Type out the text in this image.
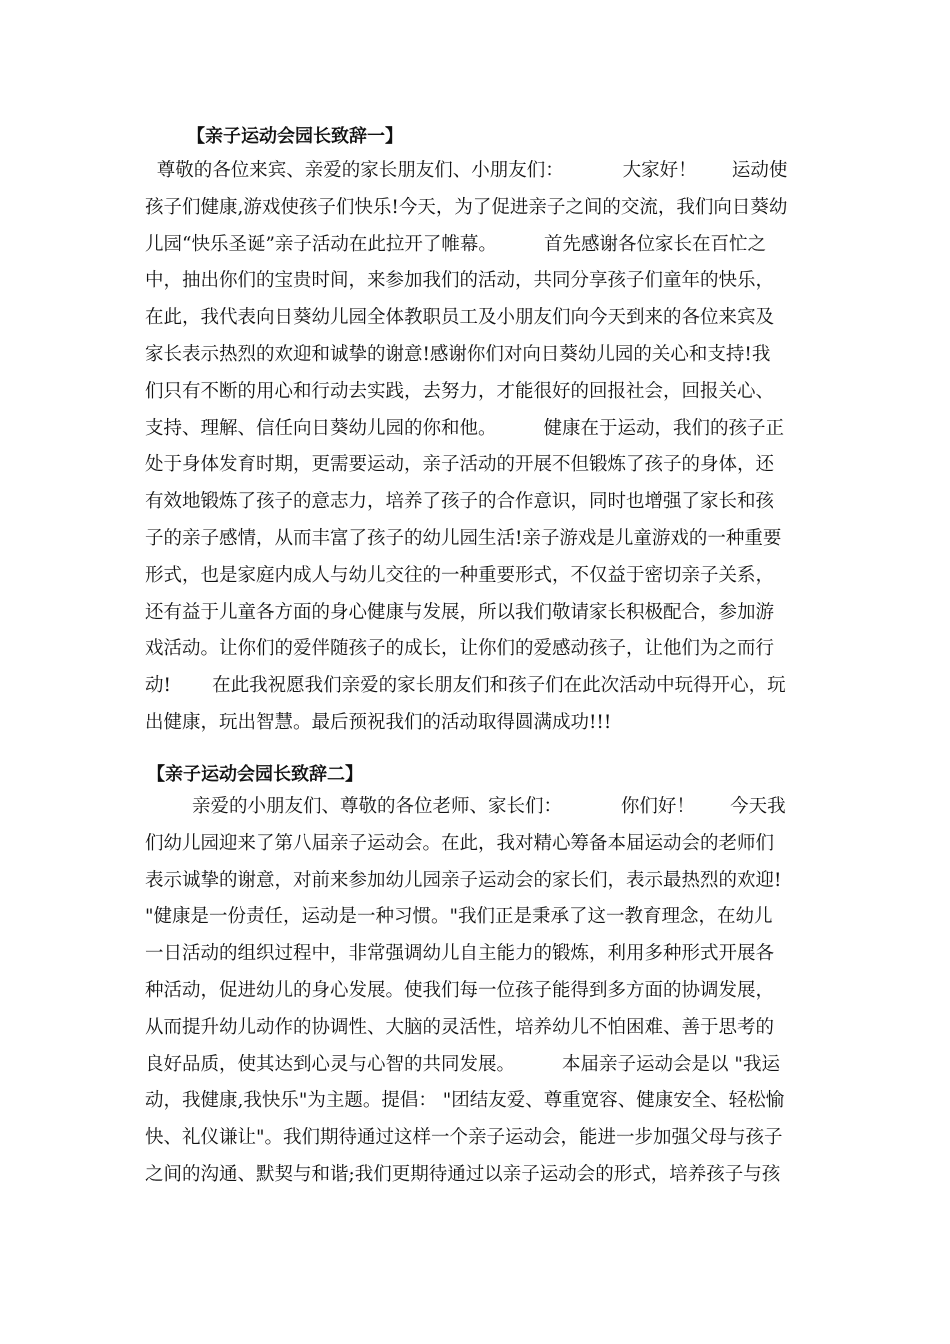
【亲子运动会园长致辞一】
尊敬的各位来宾、亲爱的家长朋友们、小朋友们：          大家好！      运动使
孩子们健康,游戏使孩子们快乐!今天，为了促进亲子之间的交流，我们向日葵幼
儿园“快乐圣诞”亲子活动在此拉开了帷幕。        首先感谢各位家长在百忙之
中，抽出你们的宝贵时间，来参加我们的活动，共同分享孩子们童年的快乐，
在此，我代表向日葵幼儿园全体教职员工及小朋友们向今天到来的各位来宾及
家长表示热烈的欢迎和诚挚的谢意!感谢你们对向日葵幼儿园的关心和支持!我
们只有不断的用心和行动去实践，去努力，才能很好的回报社会，回报关心、
支持、理解、信任向日葵幼儿园的你和他。        健康在于运动，我们的孩子正
处于身体发育时期，更需要运动，亲子活动的开展不但锻炼了孩子的身体，还
有效地锻炼了孩子的意志力，培养了孩子的合作意识，同时也增强了家长和孩
子的亲子感情，从而丰富了孩子的幼儿园生活!亲子游戏是儿童游戏的一种重要
形式，也是家庭内成人与幼儿交往的一种重要形式，不仅益于密切亲子关系，
还有益于儿童各方面的身心健康与发展，所以我们敬请家长积极配合，参加游
戏活动。让你们的爱伴随孩子的成长，让你们的爱感动孩子，让他们为之而行
动!       在此我祝愿我们亲爱的家长朋友们和孩子们在此次活动中玩得开心，玩
出健康，玩出智慧。最后预祝我们的活动取得圆满成功!!!
【亲子运动会园长致辞二】
亲爱的小朋友们、尊敬的各位老师、家长们：          你们好！      今天我
们幼儿园迎来了第八届亲子运动会。在此，我对精心筹备本届运动会的老师们
表示诚挚的谢意，对前来参加幼儿园亲子运动会的家长们，表示最热烈的欢迎!
"健康是一份责任，运动是一种习惯。"我们正是秉承了这一教育理念，在幼儿
一日活动的组织过程中，非常强调幼儿自主能力的锻炼，利用多种形式开展各
种活动，促进幼儿的身心发展。使我们每一位孩子能得到多方面的协调发展，
从而提升幼儿动作的协调性、大脑的灵活性，培养幼儿不怕困难、善于思考的
良好品质，使其达到心灵与心智的共同发展。        本届亲子运动会是以 "我运
动，我健康,我快乐"为主题。提倡： "团结友爱、尊重宽容、健康安全、轻松愉
快、礼仪谦让"。我们期待通过这样一个亲子运动会，能进一步加强父母与孩子
之间的沟通、默契与和谐;我们更期待通过以亲子运动会的形式，培养孩子与孩
